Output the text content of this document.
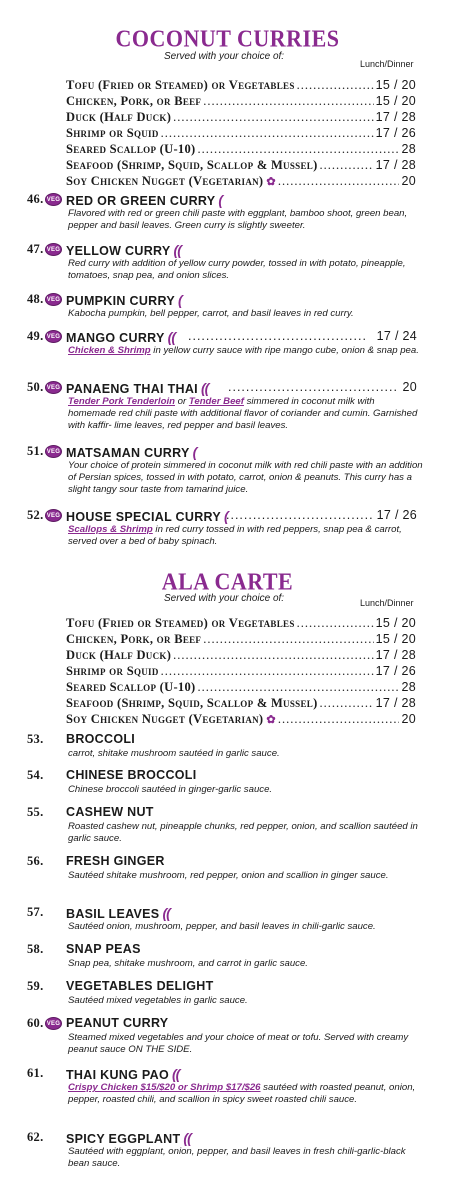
COCONUT CURRIES
Served with your choice of:
Lunch/Dinner
Tofu (Fried or Steamed) or Vegetables .....	15 / 20
Chicken, Pork, or Beef .....	15 / 20
Duck (Half Duck) .....	17 / 28
Shrimp or Squid .....	17 / 26
Seared Scallop (U-10) .....	28
Seafood (Shrimp, Squid, Scallop & Mussel) .....	17 / 28
Soy Chicken Nugget (Vegetarian) ✿ .....	20
46. VEG RED OR GREEN CURRY (
Flavored with red or green chili paste with eggplant, bamboo shoot, green bean, pepper and basil leaves. Green curry is slightly sweeter.
47. VEG YELLOW CURRY ((
Red curry with addition of yellow curry powder, tossed in with potato, pineapple, tomatoes, snap pea, and onion slices.
48. VEG PUMPKIN CURRY (
Kabocha pumpkin, bell pepper, carrot, and basil leaves in red curry.
49. VEG MANGO CURRY (( .....	17 / 24
Chicken & Shrimp in yellow curry sauce with ripe mango cube, onion & snap pea.
50. VEG PANAENG THAI THAI (( .....	20
Tender Pork Tenderloin or Tender Beef simmered in coconut milk with homemade red chili paste with additional flavor of coriander and cumin. Garnished with kaffir- lime leaves, red pepper and basil leaves.
51. VEG MATSAMAN CURRY (
Your choice of protein simmered in coconut milk with red chili paste with an addition of Persian spices, tossed in with potato, carrot, onion & peanuts. This curry has a slight tangy sour taste from tamarind juice.
52. VEG HOUSE SPECIAL CURRY ( .....	17 / 26
Scallops & Shrimp in red curry tossed in with red peppers, snap pea & carrot, served over a bed of baby spinach.
ALA CARTE
Served with your choice of:	Lunch/Dinner
Tofu (Fried or Steamed) or Vegetables .....	15 / 20
Chicken, Pork, or Beef .....	15 / 20
Duck (Half Duck) .....	17 / 28
Shrimp or Squid .....	17 / 26
Seared Scallop (U-10) .....	28
Seafood (Shrimp, Squid, Scallop & Mussel) .....	17 / 28
Soy Chicken Nugget (Vegetarian) ✿ .....	20
53. BROCCOLI
carrot, shitake mushroom sautéed in garlic sauce.
54. CHINESE BROCCOLI
Chinese broccoli sautéed in ginger-garlic sauce.
55. CASHEW NUT
Roasted cashew nut, pineapple chunks, red pepper, onion, and scallion sautéed in garlic sauce.
56. FRESH GINGER
Sautéed shitake mushroom, red pepper, onion and scallion in ginger sauce.
57. BASIL LEAVES ((
Sautéed onion, mushroom, pepper, and basil leaves in chili-garlic sauce.
58. SNAP PEAS
Snap pea, shitake mushroom, and carrot in garlic sauce.
59. VEGETABLES DELIGHT
Sautéed mixed vegetables in garlic sauce.
60. VEG PEANUT CURRY
Steamed mixed vegetables and your choice of meat or tofu. Served with creamy peanut sauce ON THE SIDE.
61. THAI KUNG PAO ((
Crispy Chicken $15/$20 or Shrimp $17/$26 sautéed with roasted peanut, onion, pepper, roasted chili, and scallion in spicy sweet roasted chili sauce.
62. SPICY EGGPLANT ((
Sautéed with eggplant, onion, pepper, and basil leaves in fresh chili-garlic-black bean sauce.
